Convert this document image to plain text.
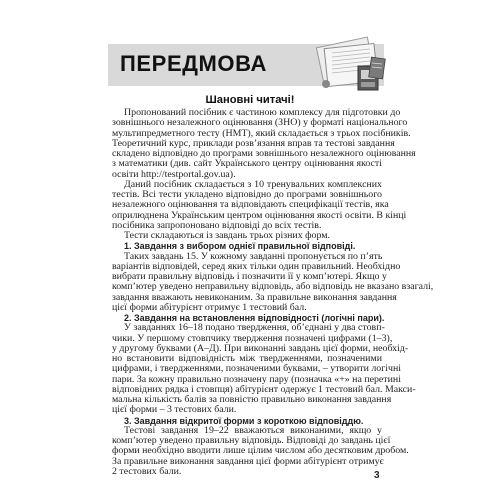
ПЕРЕДМОВА
Шановні читачі!
Пропонований посібник є частиною комплексу для підготовки до
зовнішнього незалежного оцінювання (ЗНО) у форматі національного
мультипредметного тесту (НМТ), який складається з трьох посібників.
Теоретичний курс, приклади розв’язання вправ та тестові завдання
складено відповідно до програми зовнішнього незалежного оцінювання
з математики (див. сайт Українського центру оцінювання якості
освіти http://testportal.gov.ua).
Даний посібник складається з 10 тренувальних комплексних
тестів. Всі тести укладено відповідно до програми зовнішнього
незалежного оцінювання та відповідають специфікації тестів, яка
оприлюднена Українським центром оцінювання якості освіти. В кінці
посібника запропоновано відповіді до всіх тестів.
Тести складаються із завдань трьох різних форм.
1. Завдання з вибором однієї правильної відповіді.
Таких завдань 15. У кожному завданні пропонується по п’ять
варіантів відповідей, серед яких тільки один правильний. Необхідно
вибрати правильну відповідь і позначити її у комп’ютері. Якщо у
комп’ютер уведено неправильну відповідь, або відповідь не вказано взагалі,
завдання вважають невиконаним. За правильне виконання завдання
цієї форми абітурієнт отримує 1 тестовий бал.
2. Завдання на встановлення відповідності (логічні пари).
У завданнях 16–18 подано твердження, об’єднані у два стовп-
чики. У першому стовпчику твердження позначені цифрами (1–3),
у другому буквами (А–Д). При виконанні завдань цієї форми, необхід-
но встановити відповідність між твердженнями, позначеними
цифрами, і твердженнями, позначеними буквами, – утворити логічні
пари. За кожну правильно позначену пару (позначка «+» на перетині
відповідних рядка і стовпця) абітурієнт одержує 1 тестовий бал. Макси-
мальна кількість балів за повністю правильно виконання завдання
цієї форми – 3 тестових бали.
3. Завдання відкритої форми з короткою відповіддю.
Тестові завдання 19–22 вважаються виконаними, якщо у
комп’ютер уведено правильну відповідь. Відповіді до завдань цієї
форми необхідно вводити лише цілим числом або десятковим дробом.
За правильне виконання завдання цієї форми абітурієнт отримує
2 тестових бали.	3
